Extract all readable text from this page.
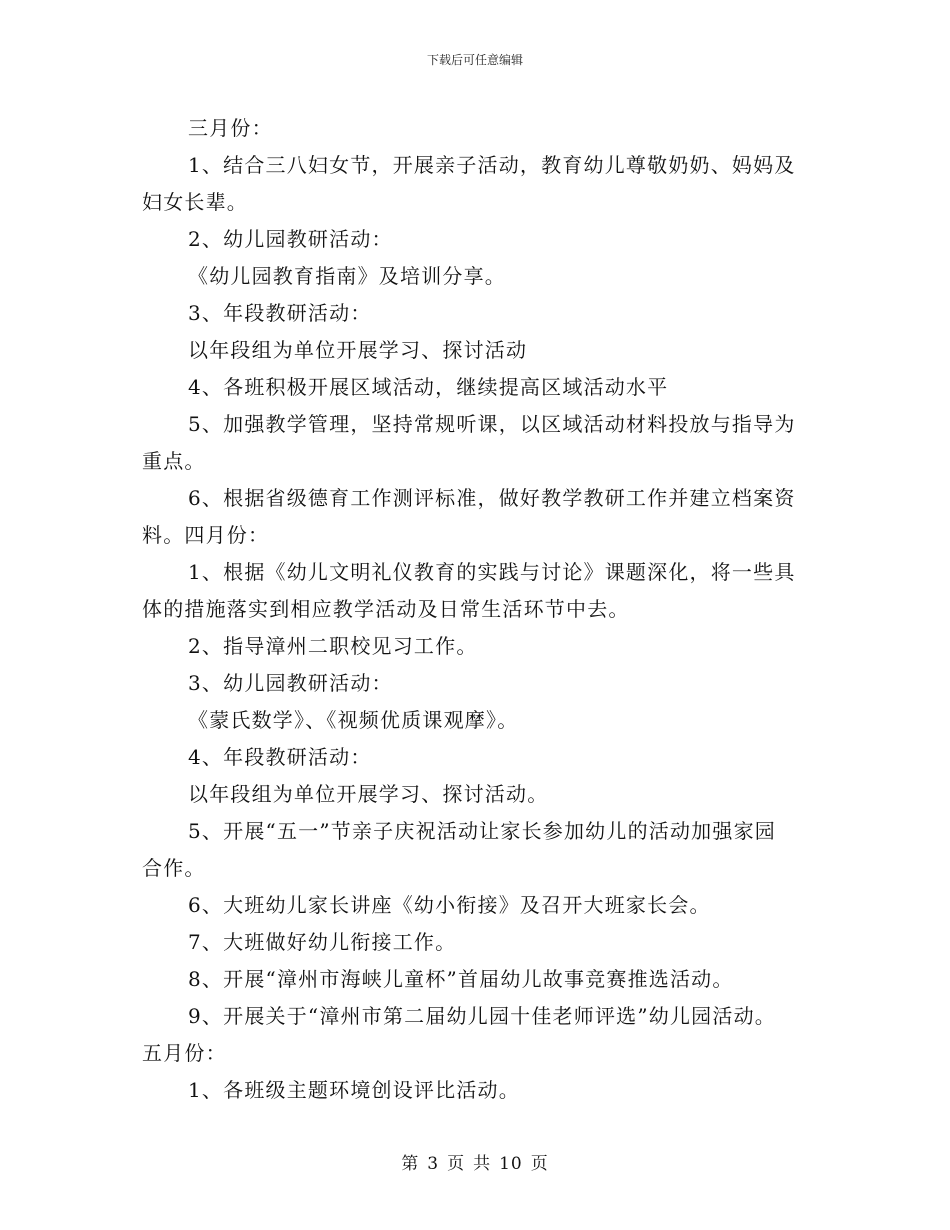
下载后可任意编辑
三月份：
1、结合三八妇女节，开展亲子活动，教育幼儿尊敬奶奶、妈妈及
妇女长辈。
2、幼儿园教研活动：
《幼儿园教育指南》及培训分享。
3、年段教研活动：
以年段组为单位开展学习、探讨活动
4、各班积极开展区域活动，继续提高区域活动水平
5、加强教学管理，坚持常规听课，以区域活动材料投放与指导为
重点。
6、根据省级德育工作测评标准，做好教学教研工作并建立档案资
料。四月份：
1、根据《幼儿文明礼仪教育的实践与讨论》课题深化，将一些具
体的措施落实到相应教学活动及日常生活环节中去。
2、指导漳州二职校见习工作。
3、幼儿园教研活动：
《蒙氏数学》、《视频优质课观摩》。
4、年段教研活动：
以年段组为单位开展学习、探讨活动。
5、开展“五一”节亲子庆祝活动让家长参加幼儿的活动加强家园
合作。
6、大班幼儿家长讲座《幼小衔接》及召开大班家长会。
7、大班做好幼儿衔接工作。
8、开展“漳州市海峡儿童杯”首届幼儿故事竞赛推选活动。
9、开展关于“漳州市第二届幼儿园十佳老师评选”幼儿园活动。
五月份：
1、各班级主题环境创设评比活动。
第 3 页 共 10 页
